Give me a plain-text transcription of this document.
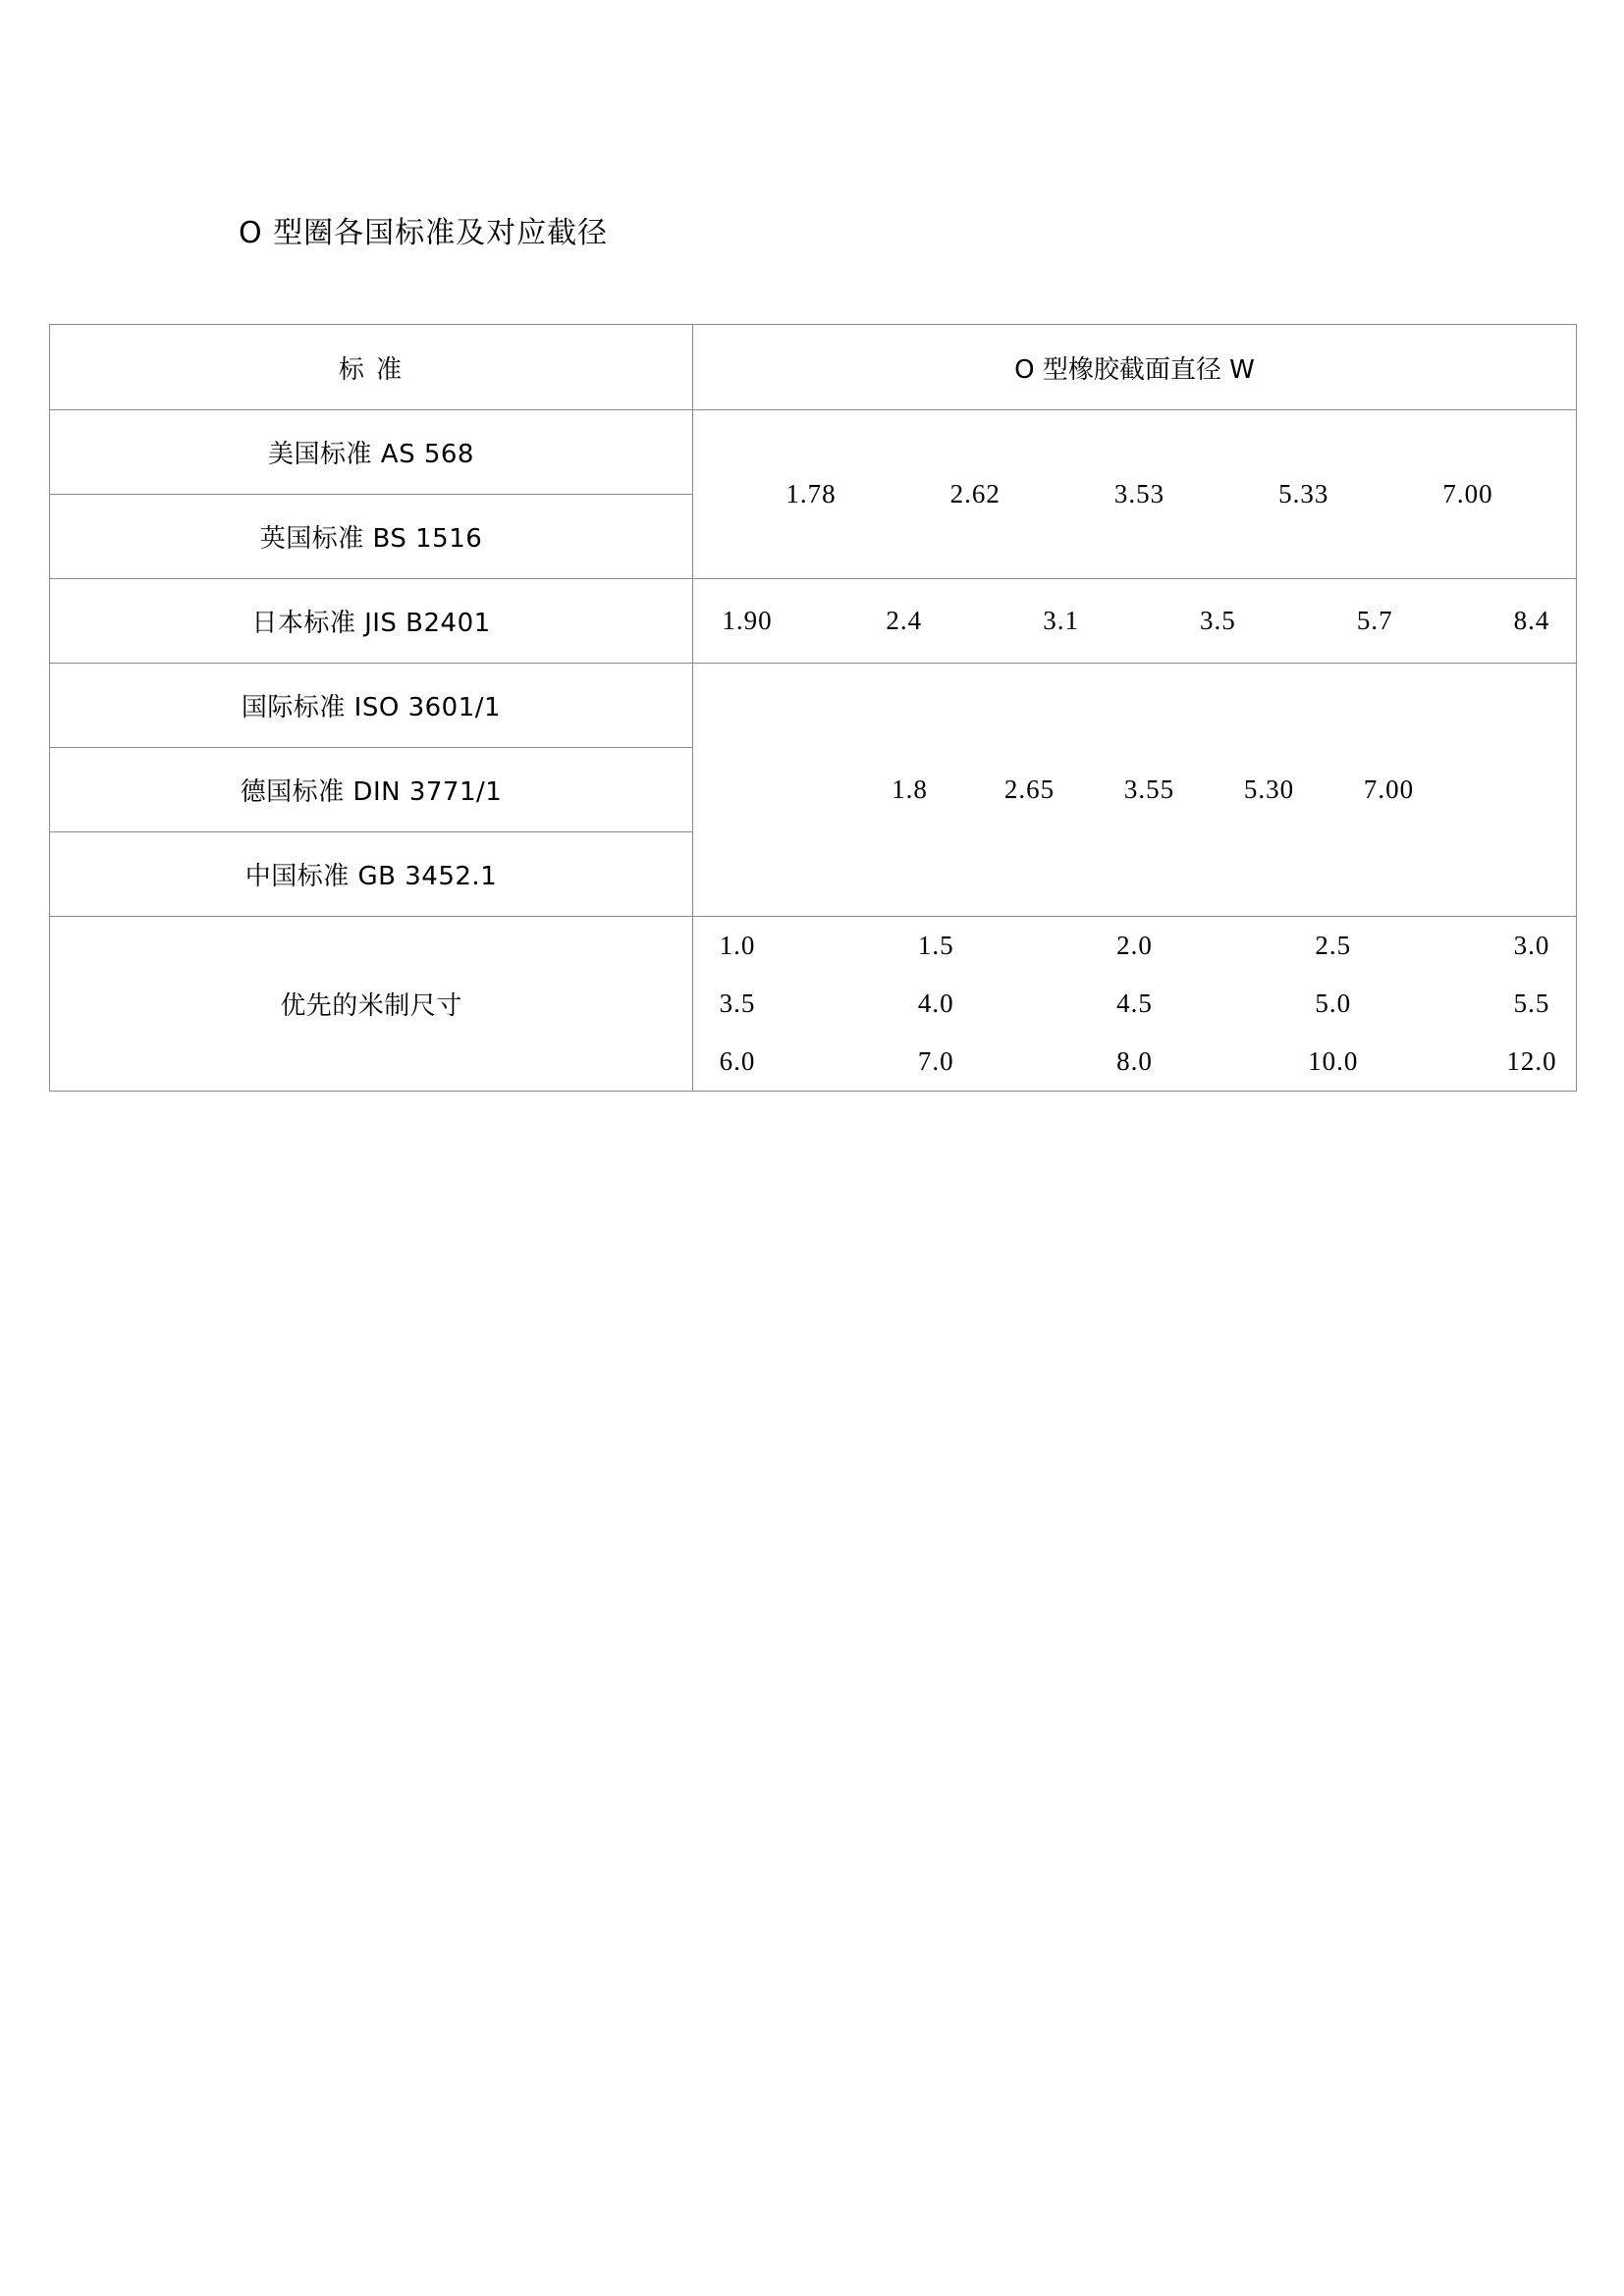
O 型圈各国标准及对应截径
标 准	O 型橡胶截面直径 W
美国标准 AS 568	1.78 2.62 3.53 5.33 7.00

英国标准 BS 1516	
日本标准 JIS B2401	1.90	2.4	3.1	3.5	5.7	8.4

国际标准 ISO 3601/1	1.8 2.65 3.55 5.30 7.00

德国标准 DIN 3771/1	
中国标准 GB 3452.1	
优先的米制尺寸	
1.0	1.5	2.0	2.5	3.0
3.5	4.0	4.5	5.0	5.5
6.0	7.0	8.0	10.0	12.0
